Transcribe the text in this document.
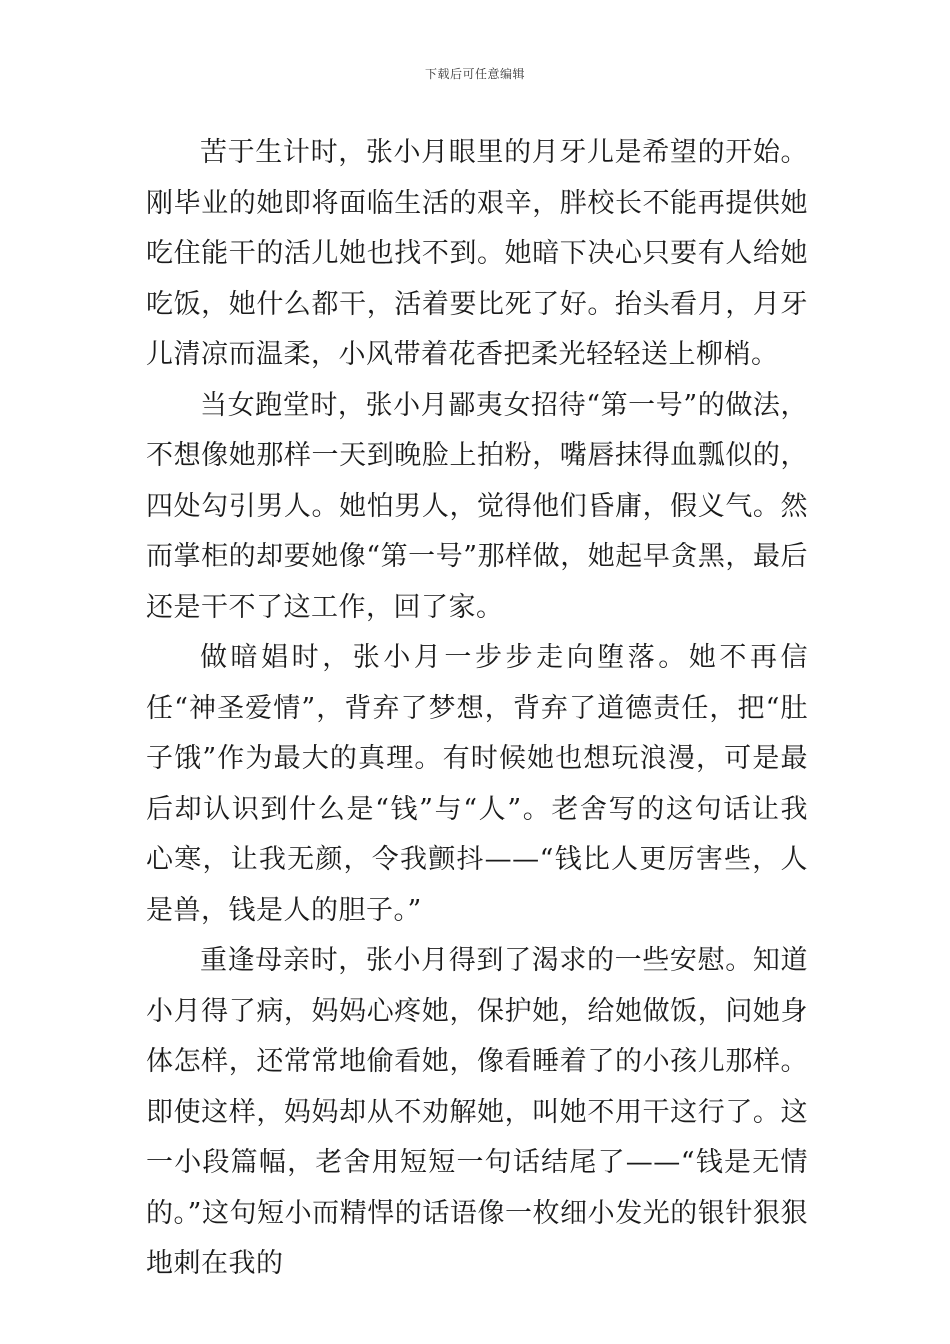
下载后可任意编辑

苦于生计时，张小月眼里的月牙儿是希望的开始。刚毕业的她即将面临生活的艰辛，胖校长不能再提供她吃住能干的活儿她也找不到。她暗下决心只要有人给她吃饭，她什么都干，活着要比死了好。抬头看月，月牙儿清凉而温柔，小风带着花香把柔光轻轻送上柳梢。

当女跑堂时，张小月鄙夷女招待“第一号”的做法，不想像她那样一天到晚脸上拍粉，嘴唇抹得血瓢似的，四处勾引男人。她怕男人，觉得他们昏庸，假义气。然而掌柜的却要她像“第一号”那样做，她起早贪黑，最后还是干不了这工作，回了家。

做暗娼时，张小月一步步走向堕落。她不再信任“神圣爱情”，背弃了梦想，背弃了道德责任，把“肚子饿”作为最大的真理。有时候她也想玩浪漫，可是最后却认识到什么是“钱”与“人”。老舍写的这句话让我心寒，让我无颜，令我颤抖——“钱比人更厉害些，人是兽，钱是人的胆子。”

重逢母亲时，张小月得到了渴求的一些安慰。知道小月得了病，妈妈心疼她，保护她，给她做饭，问她身体怎样，还常常地偷看她，像看睡着了的小孩儿那样。即使这样，妈妈却从不劝解她，叫她不用干这行了。这一小段篇幅，老舍用短短一句话结尾了——“钱是无情的。”这句短小而精悍的话语像一枚细小发光的银针狠狠地刺在我的
